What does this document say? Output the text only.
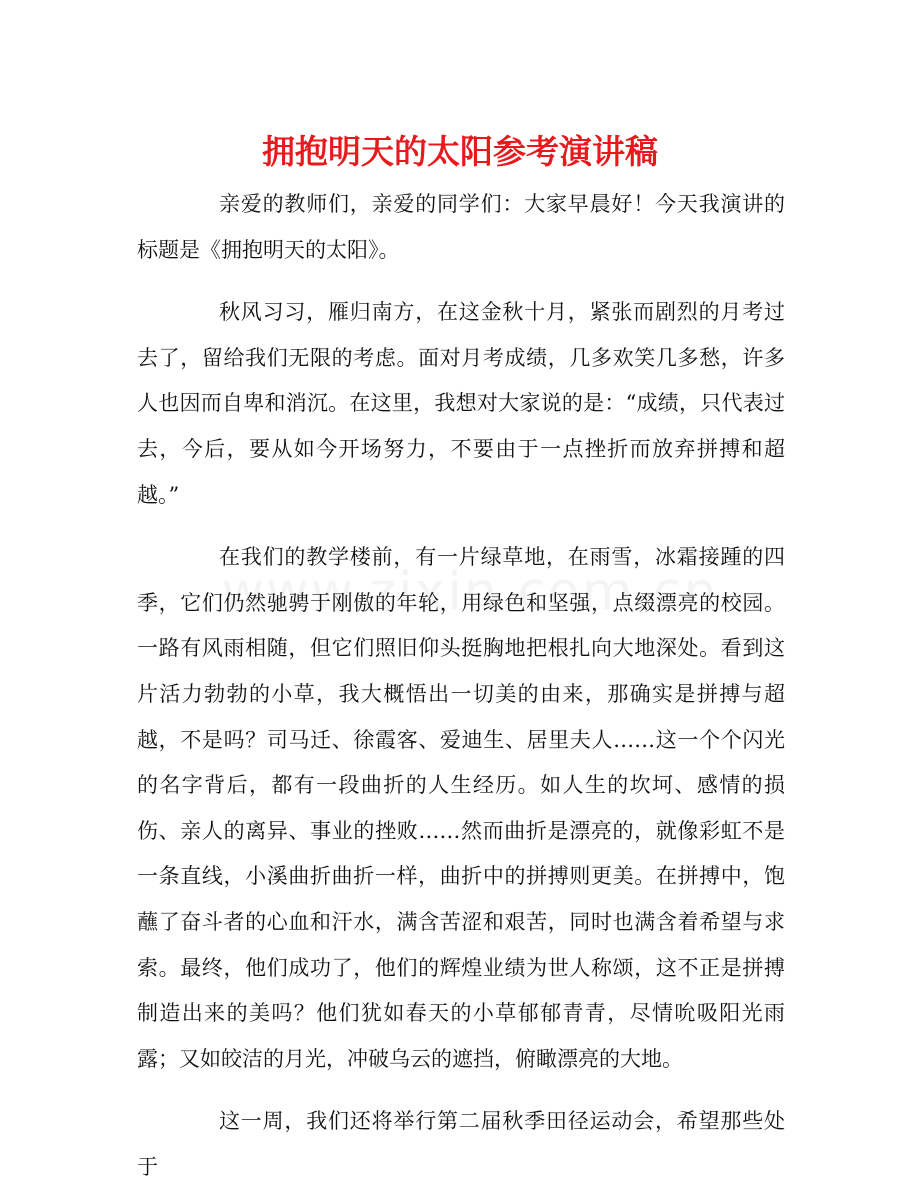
拥抱明天的太阳参考演讲稿

亲爱的教师们，亲爱的同学们：大家早晨好！今天我演讲的标题是《拥抱明天的太阳》。

秋风习习，雁归南方，在这金秋十月，紧张而剧烈的月考过去了，留给我们无限的考虑。面对月考成绩，几多欢笑几多愁，许多人也因而自卑和消沉。在这里，我想对大家说的是：“成绩，只代表过去，今后，要从如今开场努力，不要由于一点挫折而放弃拼搏和超越。”

在我们的教学楼前，有一片绿草地，在雨雪，冰霜接踵的四季，它们仍然驰骋于刚傲的年轮，用绿色和坚强，点缀漂亮的校园。一路有风雨相随，但它们照旧仰头挺胸地把根扎向大地深处。看到这片活力勃勃的小草，我大概悟出一切美的由来，那确实是拼搏与超越，不是吗？司马迁、徐霞客、爱迪生、居里夫人……这一个个闪光的名字背后，都有一段曲折的人生经历。如人生的坎坷、感情的损伤、亲人的离异、事业的挫败……然而曲折是漂亮的，就像彩虹不是一条直线，小溪曲折曲折一样，曲折中的拼搏则更美。在拼搏中，饱蘸了奋斗者的心血和汗水，满含苦涩和艰苦，同时也满含着希望与求索。最终，他们成功了，他们的辉煌业绩为世人称颂，这不正是拼搏制造出来的美吗？他们犹如春天的小草郁郁青青，尽情吮吸阳光雨露；又如皎洁的月光，冲破乌云的遮挡，俯瞰漂亮的大地。

这一周，我们还将举行第二届秋季田径运动会，希望那些处于
